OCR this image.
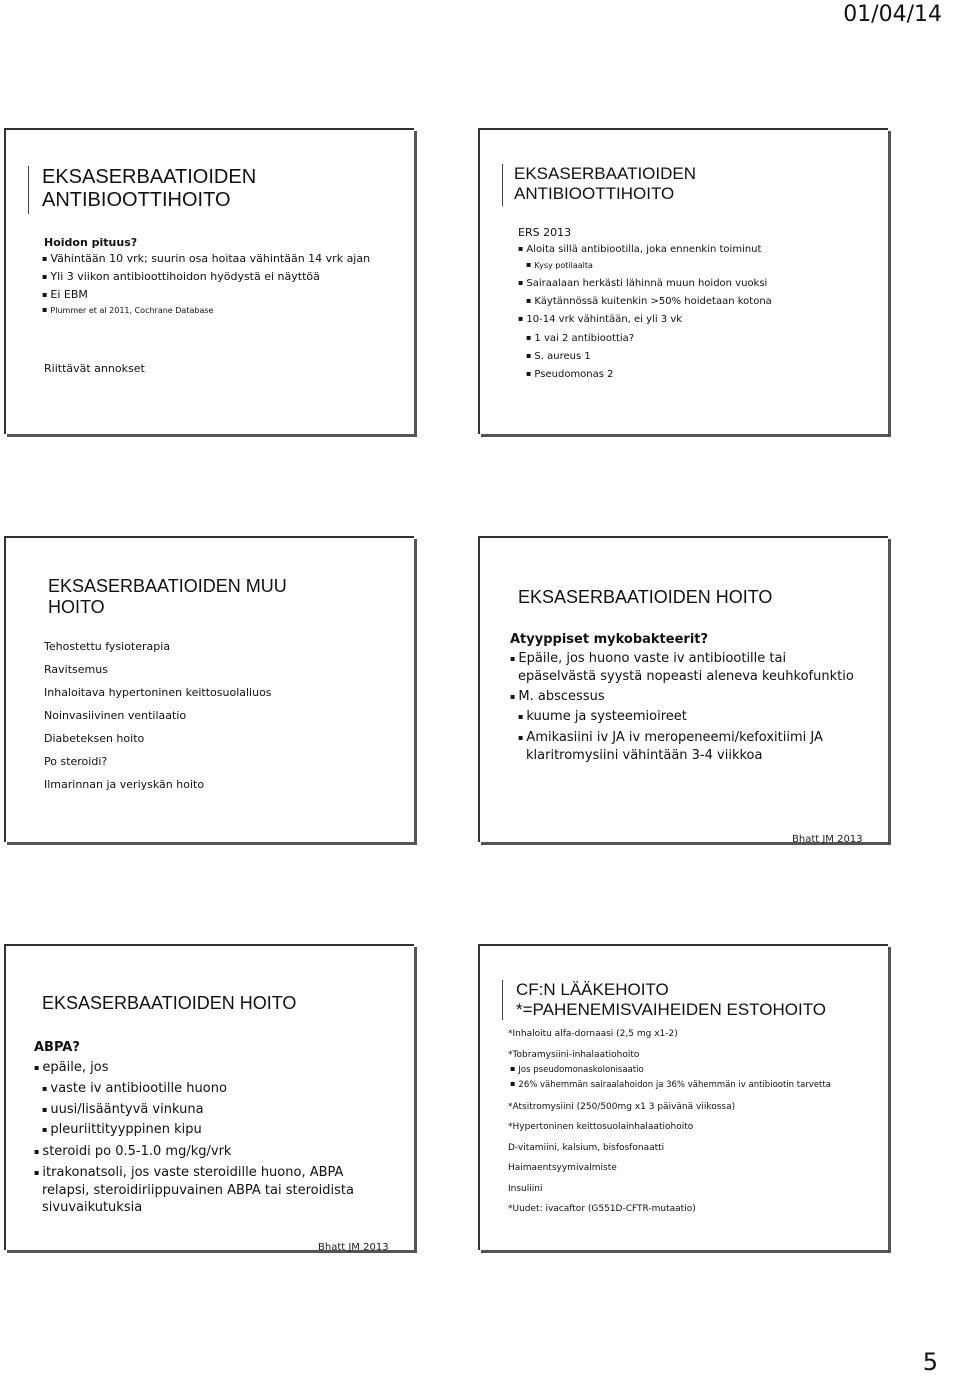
01/04/14
EKSASERBAATIOIDEN
ANTIBIOOTTIHOITO
Hoidon pituus?
▪ Vähintään 10 vrk; suurin osa hoitaa vähintään 14 vrk ajan
▪ Yli 3 viikon antibioottihoidon hyödystä ei näyttöä
▪ Ei EBM
▪ Plummer et al 2011, Cochrane Database
Riittävät annokset
EKSASERBAATIOIDEN
ANTIBIOOTTIHOITO
ERS 2013
▪ Aloita sillä antibiootilla, joka ennenkin toiminut
▪ Kysy potilaalta
▪ Sairaalaan herkästi lähinnä muun hoidon vuoksi
▪ Käytännössä kuitenkin >50% hoidetaan kotona
▪ 10-14 vrk vähintään, ei yli 3 vk
▪ 1 vai 2 antibioottia?
▪ S. aureus 1
▪ Pseudomonas 2
EKSASERBAATIOIDEN MUU
HOITO
Tehostettu fysioterapia
Ravitsemus
Inhaloitava hypertoninen keittosuolaliuos
Noinvasiivinen ventilaatio
Diabeteksen hoito
Po steroidi?
Ilmarinnan ja veriyskän hoito
EKSASERBAATIOIDEN HOITO
Atyyppiset mykobakteerit?
▪ Epäile, jos huono vaste iv antibiootille tai
epäselvästä syystä nopeasti aleneva keuhkofunktio
▪ M. abscessus
▪ kuume ja systeemioireet
▪ Amikasiini iv JA iv meropeneemi/kefoxitiimi JA
klaritromysiini vähintään 3-4 viikkoa
Bhatt JM 2013
EKSASERBAATIOIDEN HOITO
ABPA?
▪ epäile, jos
▪ vaste iv antibiootille huono
▪ uusi/lisääntyvä vinkuna
▪ pleuriittityyppinen kipu
▪ steroidi po 0.5-1.0 mg/kg/vrk
▪ itrakonatsoli, jos vaste steroidille huono, ABPA
relapsi, steroidiriippuvainen ABPA tai steroidista
sivuvaikutuksia
Bhatt JM 2013
CF:N LÄÄKEHOITO
*=PAHENEMISVAIHEIDEN ESTOHOITO
*Inhaloitu alfa-dornaasi (2,5 mg x1-2)
*Tobramysiini-inhalaatiohoito
▪ Jos pseudomonaskolonisaatio
▪ 26% vähemmän sairaalahoidon ja 36% vähemmän iv antibiootin tarvetta
*Atsitromysiini (250/500mg x1 3 päivänä viikossa)
*Hypertoninen keittosuolainhalaatiohoito
D-vitamiini, kalsium, bisfosfonaatti
Haimaentsyymivalmiste
Insuliini
*Uudet: ivacaftor (G551D-CFTR-mutaatio)
5
